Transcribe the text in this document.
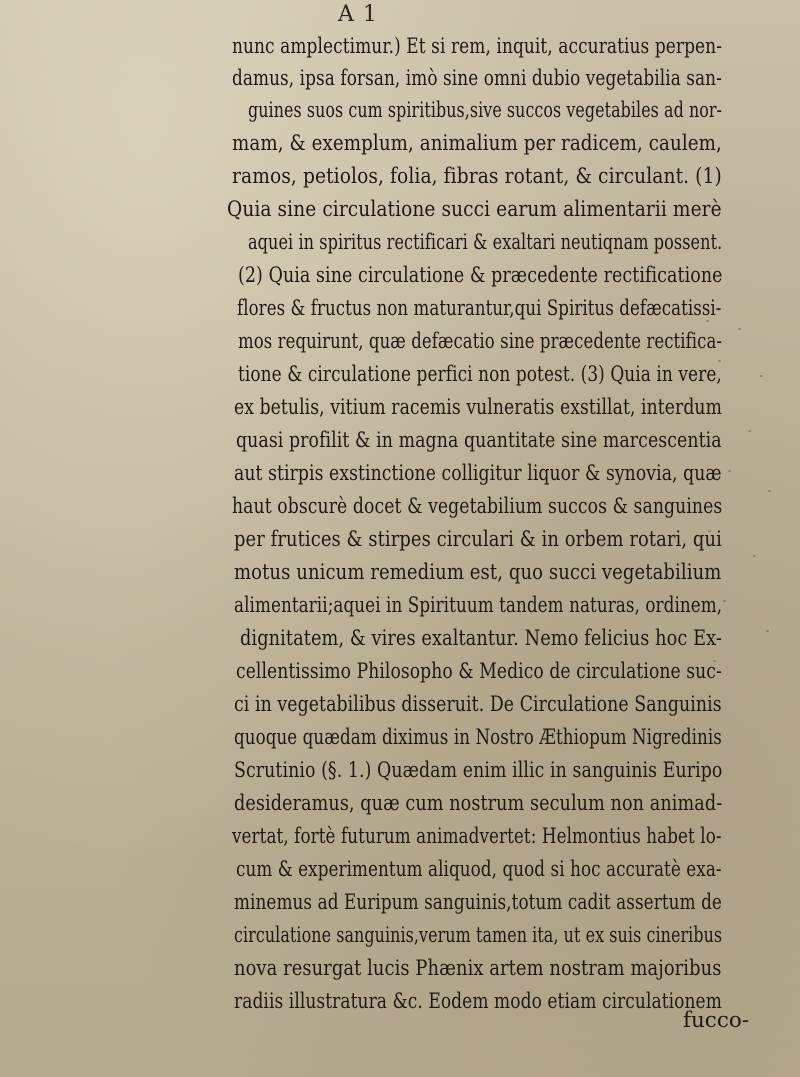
A 1
nunc amplectimur.) Et si rem, inquit, accuratius perpen-
damus, ipsa forsan, imò sine omni dubio vegetabilia san-
guines suos cum spiritibus,sive succos vegetabiles ad nor-
mam, & exemplum, animalium per radicem, caulem,
ramos, petiolos, folia, fibras rotant, & circulant. (1)
Quia sine circulatione succi earum alimentarii merè
aquei in spiritus rectificari & exaltari neutiqnam possent.
(2) Quia sine circulatione & præcedente rectificatione
flores & fructus non maturantur,qui Spiritus defæcatissi-
mos requirunt, quæ defæcatio sine præcedente rectifica-
tione & circulatione perfici non potest. (3) Quia in vere,
ex betulis, vitium racemis vulneratis exstillat, interdum
quasi profilit & in magna quantitate sine marcescentia
aut stirpis exstinctione colligitur liquor & synovia, quæ
haut obscurè docet & vegetabilium succos & sanguines
per frutices & stirpes circulari & in orbem rotari, qui
motus unicum remedium est, quo succi vegetabilium
alimentarii;aquei in Spirituum tandem naturas, ordinem,
dignitatem, & vires exaltantur. Nemo felicius hoc Ex-
cellentissimo Philosopho & Medico de circulatione suc-
ci in vegetabilibus disseruit. De Circulatione Sanguinis
quoque quædam diximus in Nostro Æthiopum Nigredinis
Scrutinio (§. 1.) Quædam enim illic in sanguinis Euripo
desideramus, quæ cum nostrum seculum non animad-
vertat, fortè futurum animadvertet: Helmontius habet lo-
cum & experimentum aliquod, quod si hoc accuratè exa-
minemus ad Euripum sanguinis,totum cadit assertum de
circulatione sanguinis,verum tamen ita, ut ex suis cineribus
nova resurgat lucis Phænix artem nostram majoribus
radiis illustratura &c. Eodem modo etiam circulationem
fucco-
